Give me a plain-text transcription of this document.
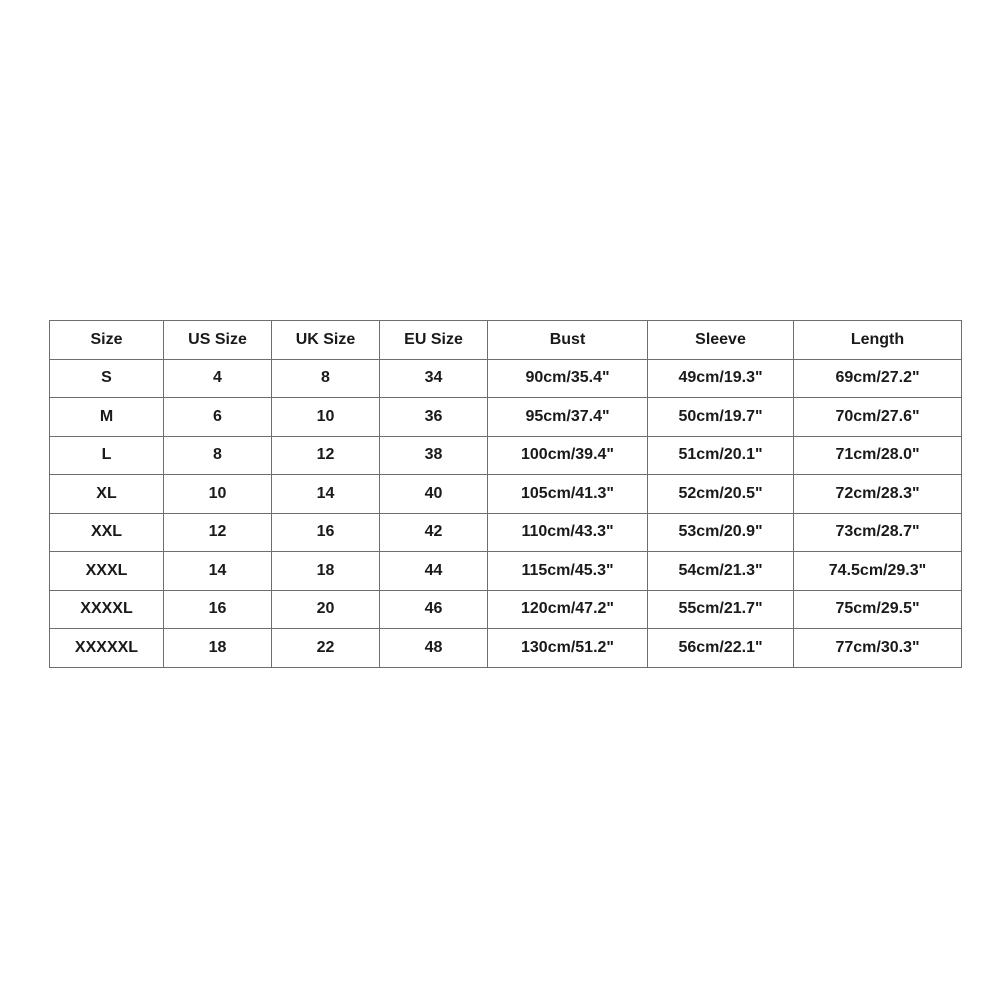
Size	US Size	UK Size	EU Size	Bust	Sleeve	Length
S	4	8	34	90cm/35.4"	49cm/19.3"	69cm/27.2"
M	6	10	36	95cm/37.4"	50cm/19.7"	70cm/27.6"
L	8	12	38	100cm/39.4"	51cm/20.1"	71cm/28.0"
XL	10	14	40	105cm/41.3"	52cm/20.5"	72cm/28.3"
XXL	12	16	42	110cm/43.3"	53cm/20.9"	73cm/28.7"
XXXL	14	18	44	115cm/45.3"	54cm/21.3"	74.5cm/29.3"
XXXXL	16	20	46	120cm/47.2"	55cm/21.7"	75cm/29.5"
XXXXXL	18	22	48	130cm/51.2"	56cm/22.1"	77cm/30.3"
